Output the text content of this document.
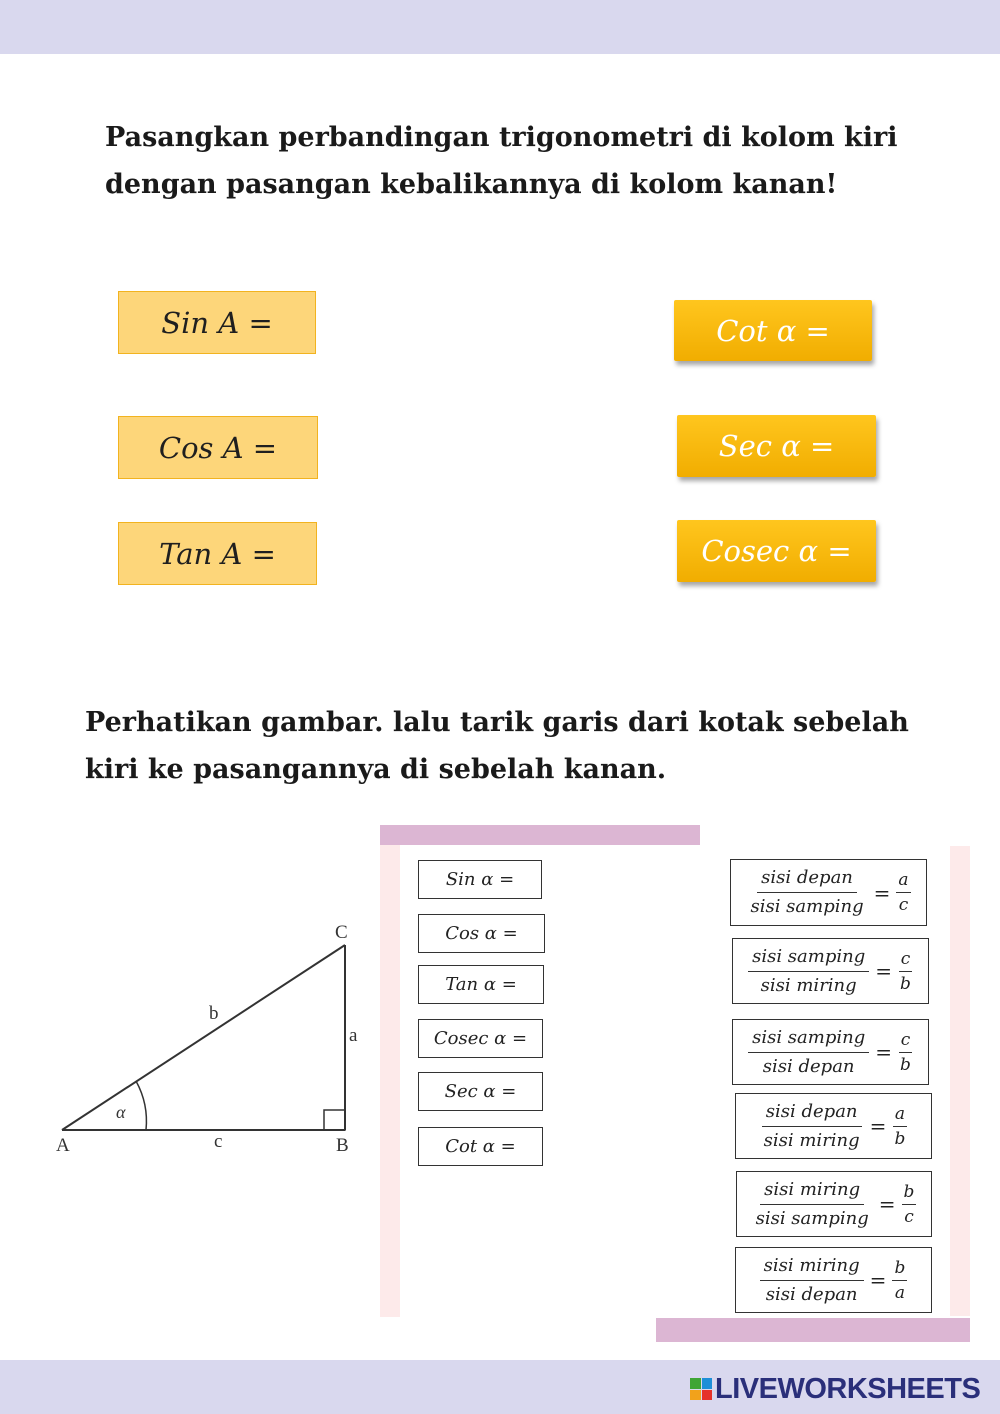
Pasangkan perbandingan trigonometri di kolom kiri
dengan pasangan kebalikannya di kolom kanan!
Sin A =
Cos A =
Tan A =
Cot α =
Sec α =
Cosec α =
Perhatikan gambar. lalu tarik garis dari kotak sebelah
kiri ke pasangannya di sebelah kanan.
A	B
C
a
b
c
α
Sin α =
Cos α =
Tan α =
Cosec α =
Sec α =
Cot α =
$\frac{\text{sisi depan}}{\text{sisi samping}} = \frac{a}{c}$
$\frac{\text{sisi samping}}{\text{sisi miring}} = \frac{c}{b}$
$\frac{\text{sisi samping}}{\text{sisi depan}} = \frac{c}{b}$
$\frac{\text{sisi depan}}{\text{sisi miring}} = \frac{a}{b}$
$\frac{\text{sisi miring}}{\text{sisi samping}} = \frac{b}{c}$
$\frac{\text{sisi miring}}{\text{sisi depan}} = \frac{b}{a}$
LIVEWORKSHEETS
